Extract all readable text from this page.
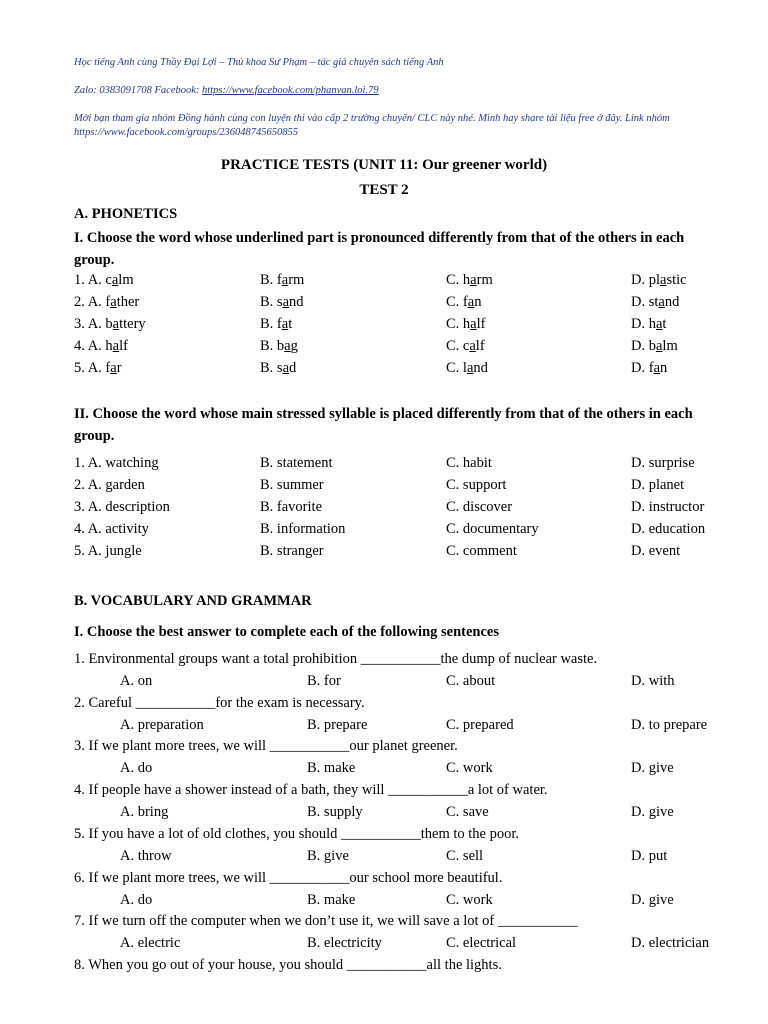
Học tiếng Anh cùng Thầy Đại Lợi – Thủ khoa Sư Phạm – tác giả chuyên sách tiếng Anh
Zalo: 0383091708 Facebook: https://www.facebook.com/phanvan.loi.79
Mời bạn tham gia nhóm Đồng hành cùng con luyện thi vào cấp 2 trường chuyên/ CLC này nhé. Mình hay share tài liệu free ở đây. Link nhóm https://www.facebook.com/groups/236048745650855
PRACTICE TESTS (UNIT 11: Our greener world)
TEST 2
A. PHONETICS
I. Choose the word whose underlined part is pronounced differently from that of the others in each group.
1. A. calm	B. farm	C. harm	D. plastic
2. A. father	B. sand	C. fan	D. stand
3. A. battery	B. fat	C. half	D. hat
4. A. half	B. bag	C. calf	D. balm
5. A. far	B. sad	C. land	D. fan
II. Choose the word whose main stressed syllable is placed differently from that of the others in each group.
1. A. watching	B. statement	C. habit	D. surprise
2. A. garden	B. summer	C. support	D. planet
3. A. description	B. favorite	C. discover	D. instructor
4. A. activity	B. information	C. documentary	D. education
5. A. jungle	B. stranger	C. comment	D. event
B. VOCABULARY AND GRAMMAR
I. Choose the best answer to complete each of the following sentences
1. Environmental groups want a total prohibition ___________the dump of nuclear waste.
A. on	B. for	C. about	D. with
2. Careful ___________for the exam is necessary.
A. preparation	B. prepare	C. prepared	D. to prepare
3. If we plant more trees, we will ___________our planet greener.
A. do	B. make	C. work	D. give
4. If people have a shower instead of a bath, they will ___________a lot of water.
A. bring	B. supply	C. save	D. give
5. If you have a lot of old clothes, you should ___________them to the poor.
A. throw	B. give	C. sell	D. put
6. If we plant more trees, we will ___________our school more beautiful.
A. do	B. make	C. work	D. give
7. If we turn off the computer when we don’t use it, we will save a lot of ___________
A. electric	B. electricity	C. electrical	D. electrician
8. When you go out of your house, you should ___________all the lights.
